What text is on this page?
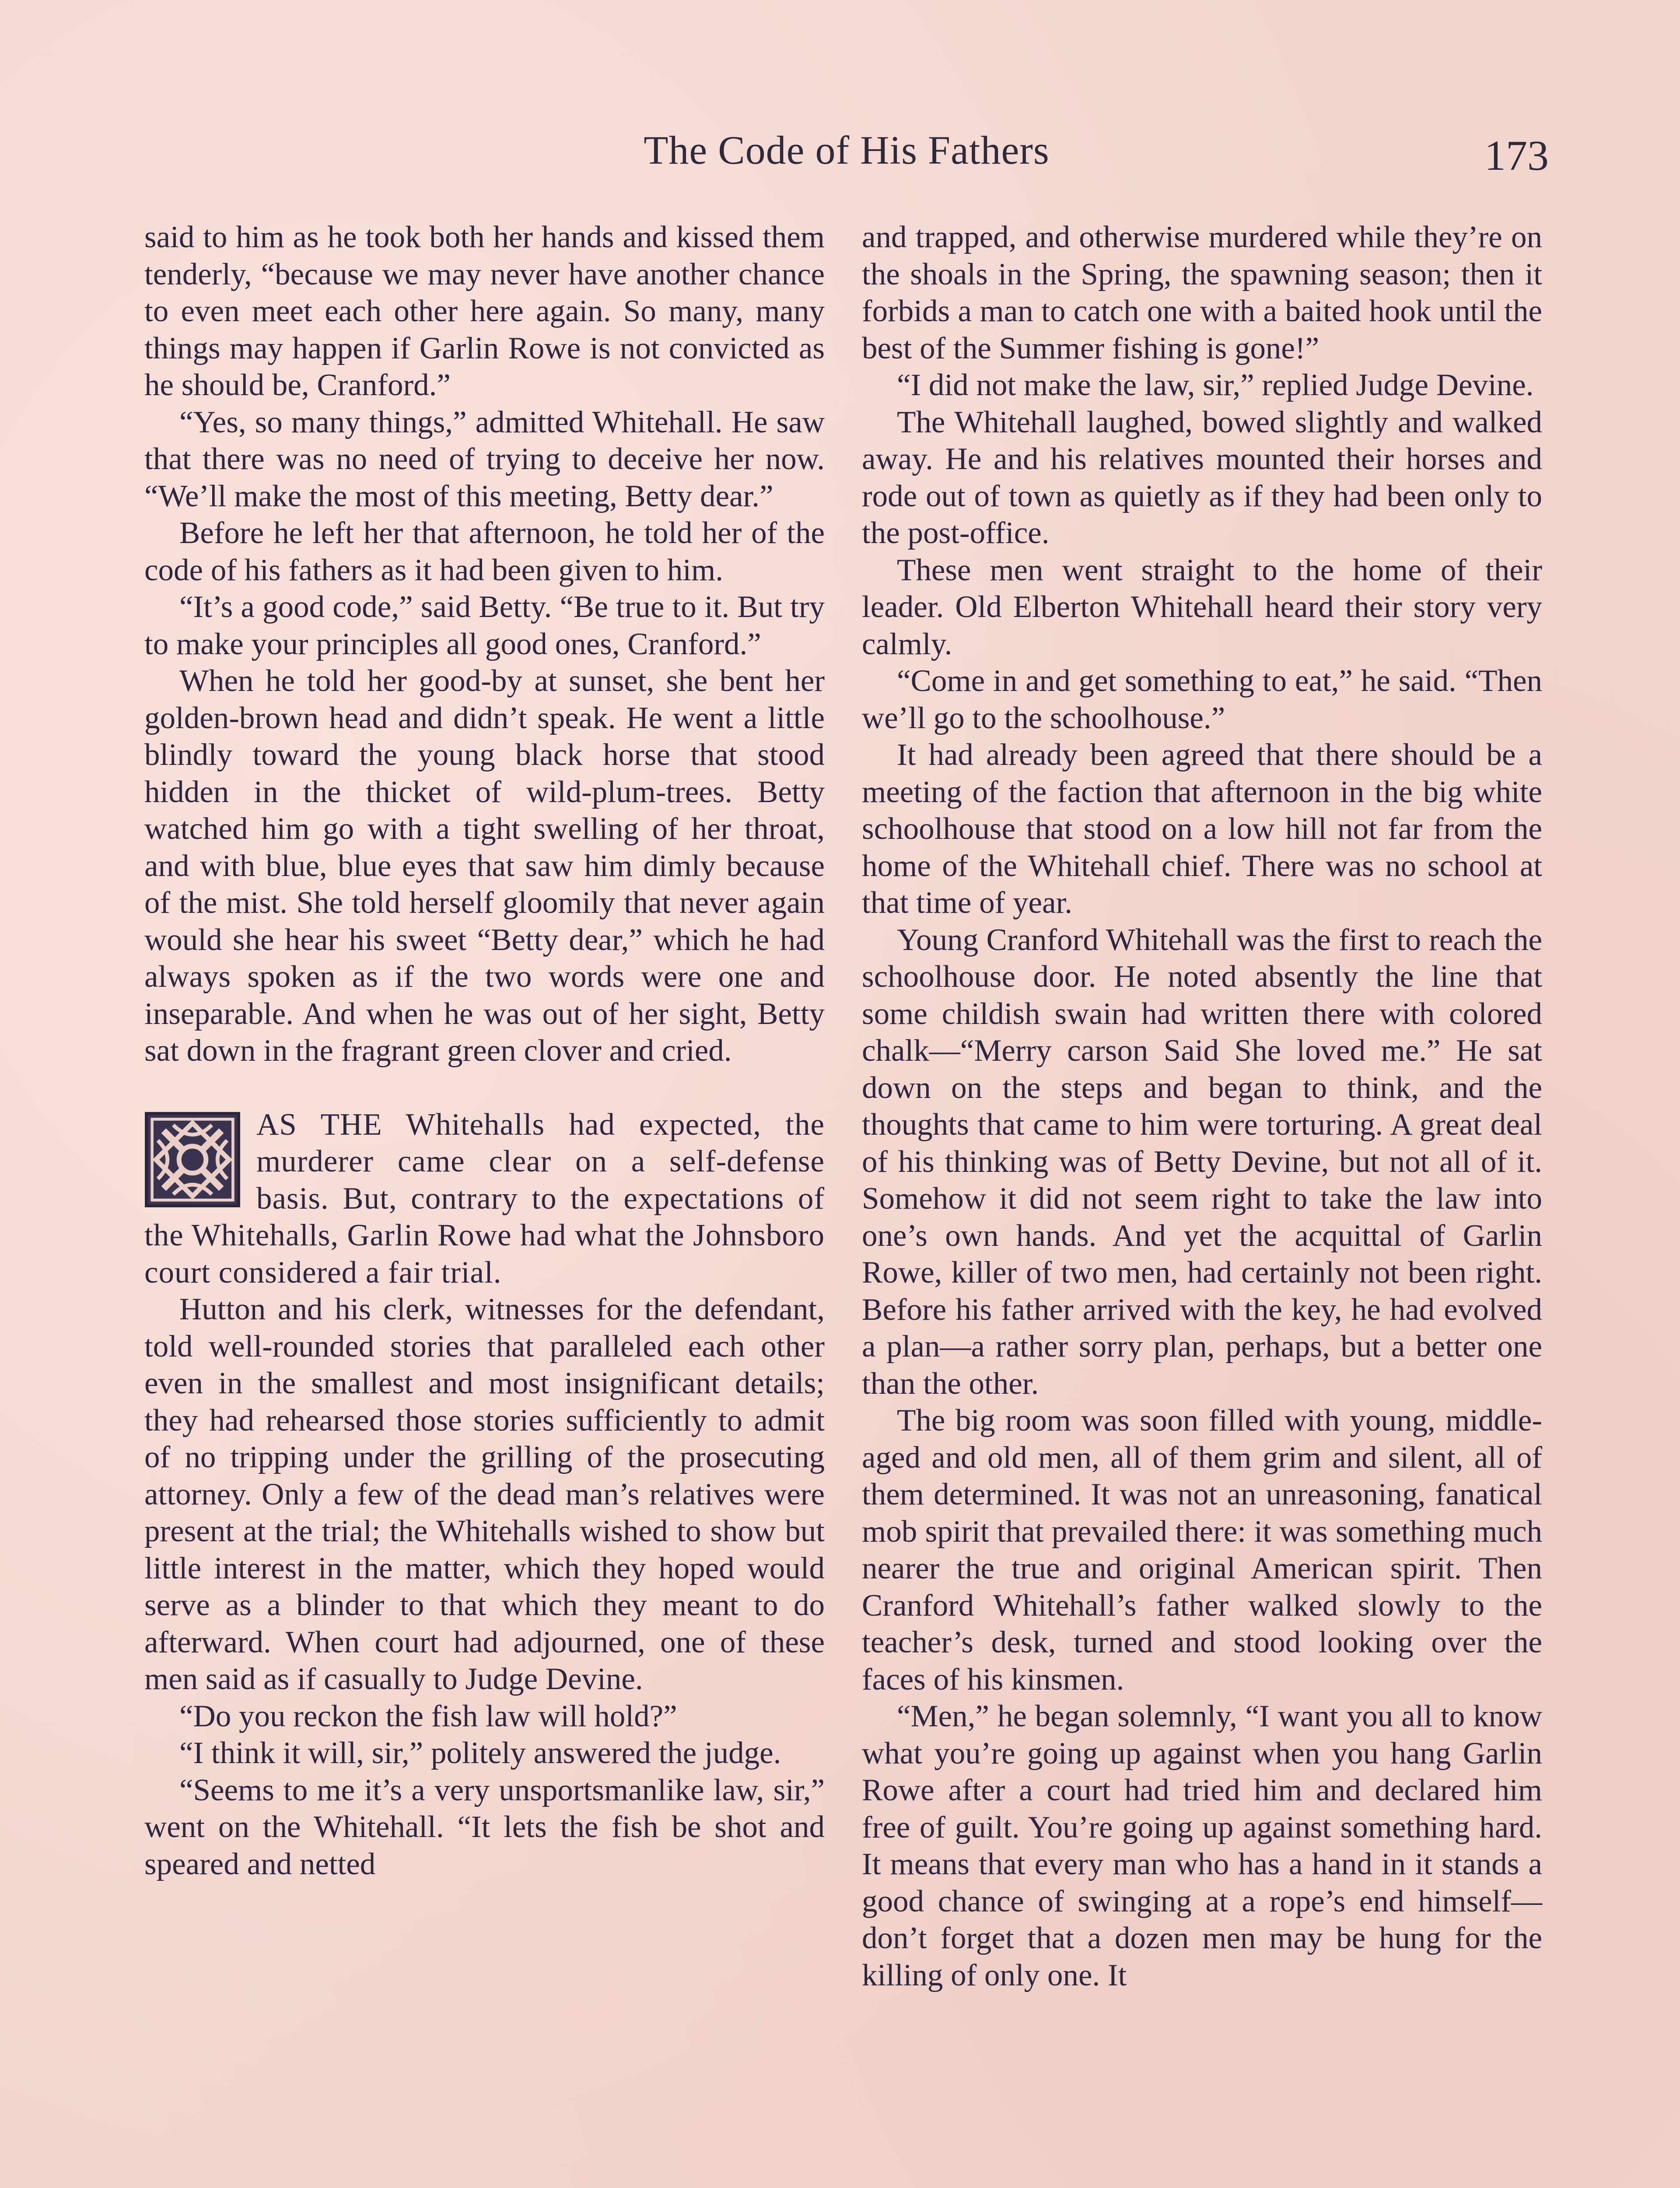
The Code of His Fathers	173

said to him as he took both her hands and kissed them tenderly, “because we may never have another chance to even meet each other here again. So many, many things may happen if Garlin Rowe is not convicted as he should be, Cranford.”

“Yes, so many things,” admitted Whitehall. He saw that there was no need of trying to deceive her now. “We’ll make the most of this meeting, Betty dear.”

Before he left her that afternoon, he told her of the code of his fathers as it had been given to him.

“It’s a good code,” said Betty. “Be true to it. But try to make your principles all good ones, Cranford.”

When he told her good-by at sunset, she bent her golden-brown head and didn’t speak. He went a little blindly toward the young black horse that stood hidden in the thicket of wild-plum-trees. Betty watched him go with a tight swelling of her throat, and with blue, blue eyes that saw him dimly because of the mist. She told herself gloomily that never again would she hear his sweet “Betty dear,” which he had always spoken as if the two words were one and inseparable. And when he was out of her sight, Betty sat down in the fragrant green clover and cried.

AS THE Whitehalls had expected, the murderer came clear on a self-defense basis. But, contrary to the expectations of the Whitehalls, Garlin Rowe had what the Johnsboro court considered a fair trial.

Hutton and his clerk, witnesses for the defendant, told well-rounded stories that paralleled each other even in the smallest and most insignificant details; they had rehearsed those stories sufficiently to admit of no tripping under the grilling of the prosecuting attorney. Only a few of the dead man’s relatives were present at the trial; the Whitehalls wished to show but little interest in the matter, which they hoped would serve as a blinder to that which they meant to do afterward. When court had adjourned, one of these men said as if casually to Judge Devine.

“Do you reckon the fish law will hold?”

“I think it will, sir,” politely answered the judge.

“Seems to me it’s a very unsportsmanlike law, sir,” went on the Whitehall. “It lets the fish be shot and speared and netted

and trapped, and otherwise murdered while they’re on the shoals in the Spring, the spawning season; then it forbids a man to catch one with a baited hook until the best of the Summer fishing is gone!”

“I did not make the law, sir,” replied Judge Devine.

The Whitehall laughed, bowed slightly and walked away. He and his relatives mounted their horses and rode out of town as quietly as if they had been only to the post-office.

These men went straight to the home of their leader. Old Elberton Whitehall heard their story very calmly.

“Come in and get something to eat,” he said. “Then we’ll go to the schoolhouse.”

It had already been agreed that there should be a meeting of the faction that afternoon in the big white schoolhouse that stood on a low hill not far from the home of the Whitehall chief. There was no school at that time of year.

Young Cranford Whitehall was the first to reach the schoolhouse door. He noted absently the line that some childish swain had written there with colored chalk—“Merry carson Said She loved me.” He sat down on the steps and began to think, and the thoughts that came to him were torturing. A great deal of his thinking was of Betty Devine, but not all of it. Somehow it did not seem right to take the law into one’s own hands. And yet the acquittal of Garlin Rowe, killer of two men, had certainly not been right. Before his father arrived with the key, he had evolved a plan—a rather sorry plan, perhaps, but a better one than the other.

The big room was soon filled with young, middle-aged and old men, all of them grim and silent, all of them determined. It was not an unreasoning, fanatical mob spirit that prevailed there: it was something much nearer the true and original American spirit. Then Cranford Whitehall’s father walked slowly to the teacher’s desk, turned and stood looking over the faces of his kinsmen.

“Men,” he began solemnly, “I want you all to know what you’re going up against when you hang Garlin Rowe after a court had tried him and declared him free of guilt. You’re going up against something hard. It means that every man who has a hand in it stands a good chance of swinging at a rope’s end himself—don’t forget that a dozen men may be hung for the killing of only one. It
